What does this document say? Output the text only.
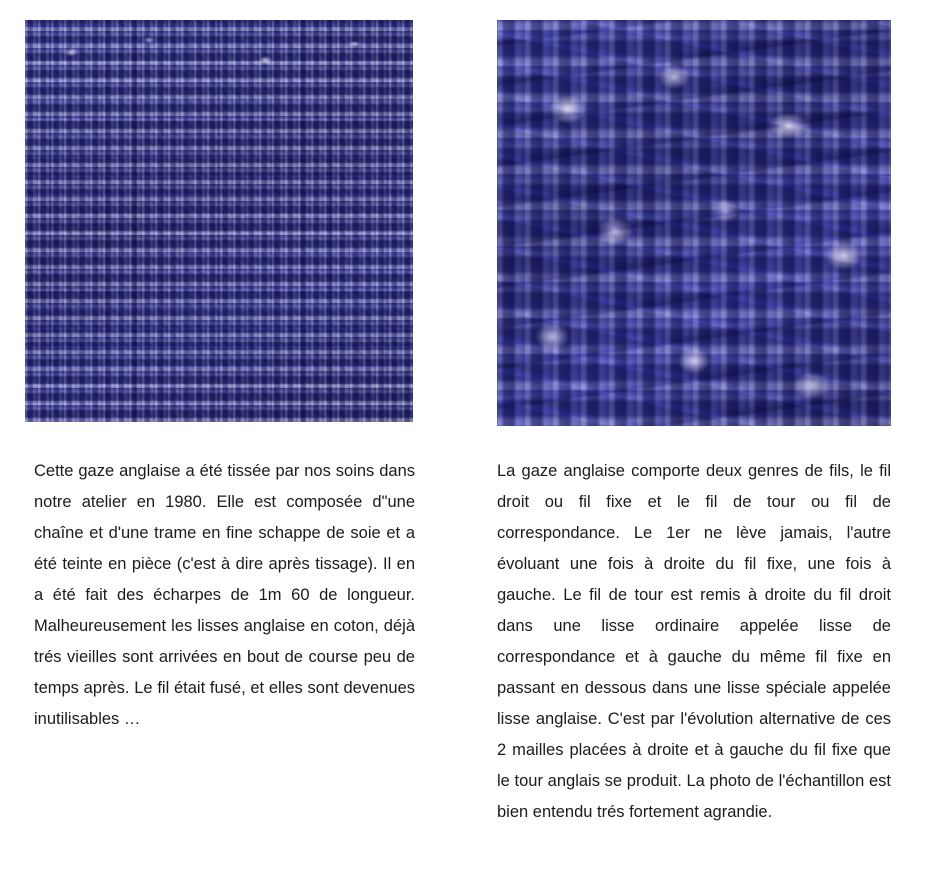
Cette gaze anglaise a été tissée par nos soins dans notre atelier en 1980. Elle est composée d"une chaîne et d'une trame en fine schappe de soie et a été teinte en pièce (c'est à dire après tissage). Il en a été fait des écharpes de 1m 60 de longueur. Malheureusement les lisses anglaise en coton, déjà trés vieilles sont arrivées en bout de course peu de temps après. Le fil était fusé, et elles sont devenues inutilisables …

La gaze anglaise comporte deux genres de fils, le fil droit ou fil fixe et le fil de tour ou fil de correspondance. Le 1er ne lève jamais, l'autre évoluant une fois à droite du fil fixe, une fois à gauche. Le fil de tour est remis à droite du fil droit dans une lisse ordinaire appelée lisse de correspondance et à gauche du même fil fixe en passant en dessous dans une lisse spéciale appelée lisse anglaise. C'est par l'évolution alternative de ces 2 mailles placées à droite et à gauche du fil fixe que le tour anglais se produit. La photo de l'échantillon est bien entendu trés fortement agrandie.
